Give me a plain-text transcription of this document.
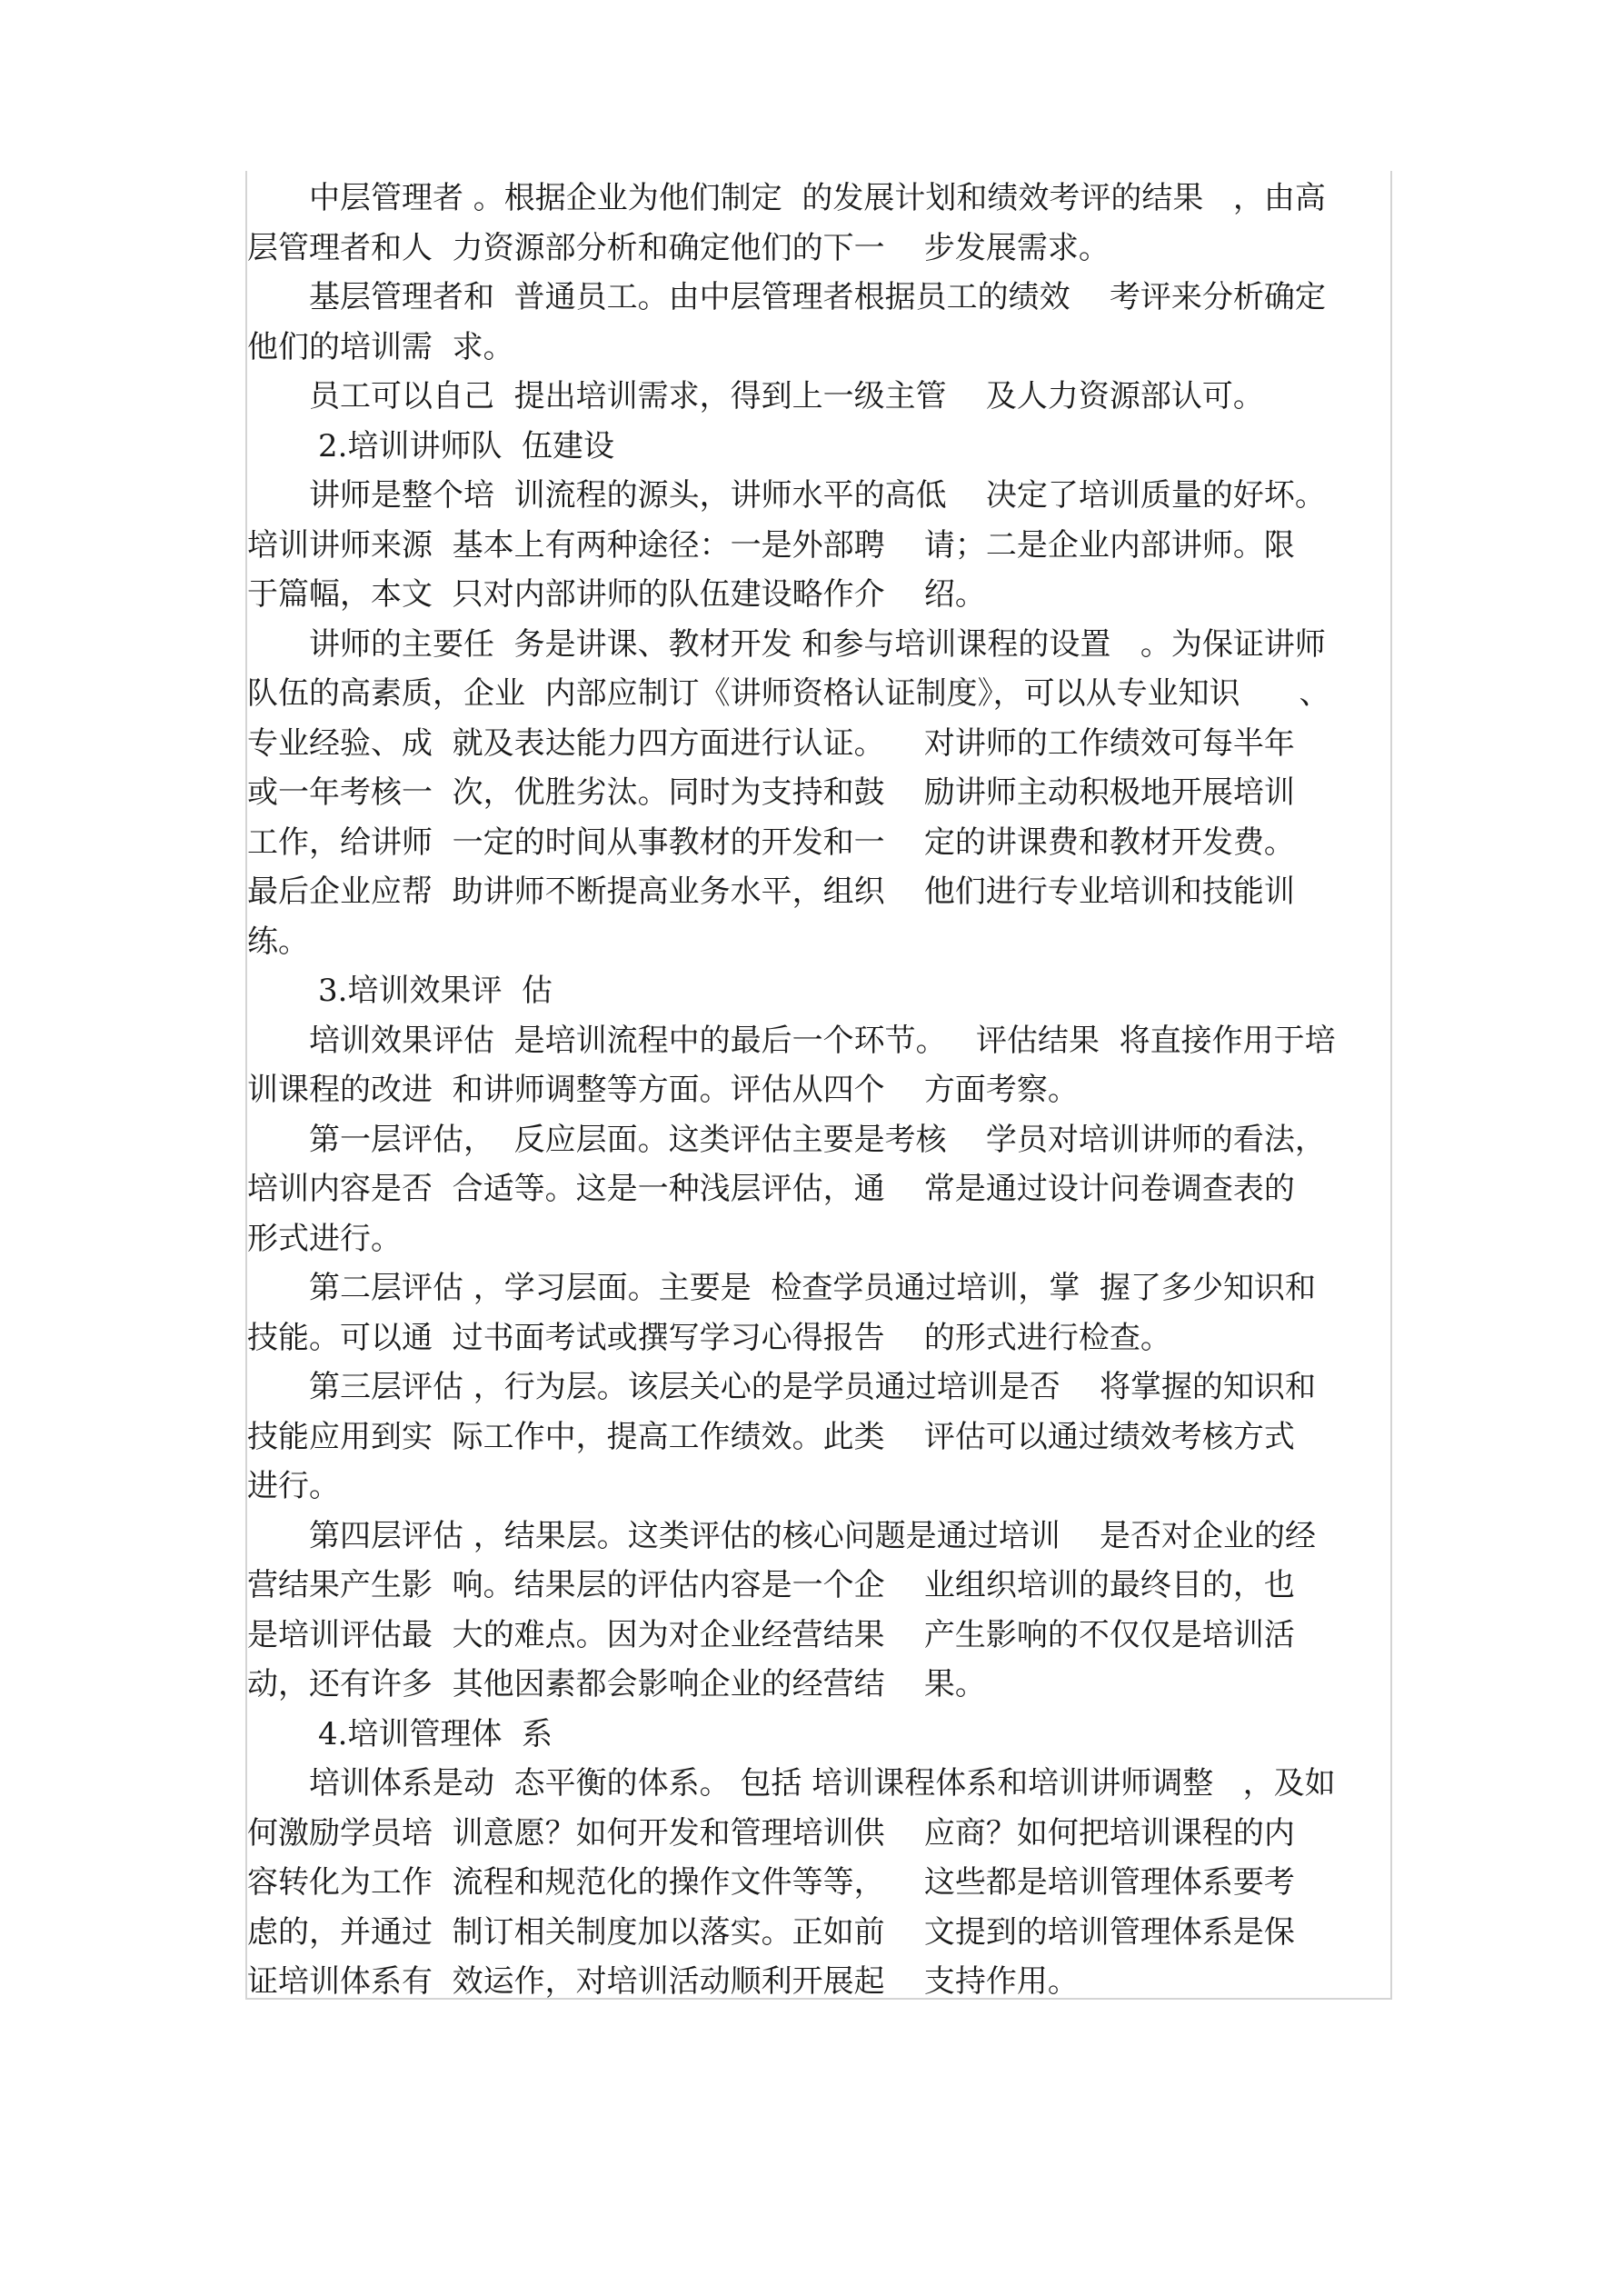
中层管理者 。根据企业为他们制定  的发展计划和绩效考评的结果   ，由高
层管理者和人  力资源部分析和确定他们的下一    步发展需求。
基层管理者和  普通员工。由中层管理者根据员工的绩效    考评来分析确定
他们的培训需  求。
员工可以自己  提出培训需求，得到上一级主管    及人力资源部认可。
2.培训讲师队  伍建设
讲师是整个培  训流程的源头，讲师水平的高低    决定了培训质量的好坏。
培训讲师来源  基本上有两种途径：一是外部聘    请；二是企业内部讲师。限
于篇幅，本文  只对内部讲师的队伍建设略作介    绍。
讲师的主要任  务是讲课、教材开发 和参与培训课程的设置   。为保证讲师
队伍的高素质，企业  内部应制订《讲师资格认证制度》，可以从专业知识      、
专业经验、成  就及表达能力四方面进行认证。    对讲师的工作绩效可每半年
或一年考核一  次，优胜劣汰。同时为支持和鼓    励讲师主动积极地开展培训
工作，给讲师  一定的时间从事教材的开发和一    定的讲课费和教材开发费。
最后企业应帮  助讲师不断提高业务水平，组织    他们进行专业培训和技能训
练。
3.培训效果评  估
培训效果评估  是培训流程中的最后一个环节。   评估结果  将直接作用于培
训课程的改进  和讲师调整等方面。评估从四个    方面考察。
第一层评估，  反应层面。这类评估主要是考核    学员对培训讲师的看法，
培训内容是否  合适等。这是一种浅层评估，通    常是通过设计问卷调查表的
形式进行。
第二层评估 ，学习层面。主要是  检查学员通过培训，掌  握了多少知识和
技能。可以通  过书面考试或撰写学习心得报告    的形式进行检查。
第三层评估 ，行为层。该层关心的是学员通过培训是否    将掌握的知识和
技能应用到实  际工作中，提高工作绩效。此类    评估可以通过绩效考核方式
进行。
第四层评估 ，结果层。这类评估的核心问题是通过培训    是否对企业的经
营结果产生影  响。结果层的评估内容是一个企    业组织培训的最终目的，也
是培训评估最  大的难点。因为对企业经营结果    产生影响的不仅仅是培训活
动，还有许多  其他因素都会影响企业的经营结    果。
4.培训管理体  系
培训体系是动  态平衡的体系。 包括 培训课程体系和培训讲师调整   ，及如
何激励学员培  训意愿？如何开发和管理培训供    应商？如何把培训课程的内
容转化为工作  流程和规范化的操作文件等等，    这些都是培训管理体系要考
虑的，并通过  制订相关制度加以落实。正如前    文提到的培训管理体系是保
证培训体系有  效运作，对培训活动顺利开展起    支持作用。
